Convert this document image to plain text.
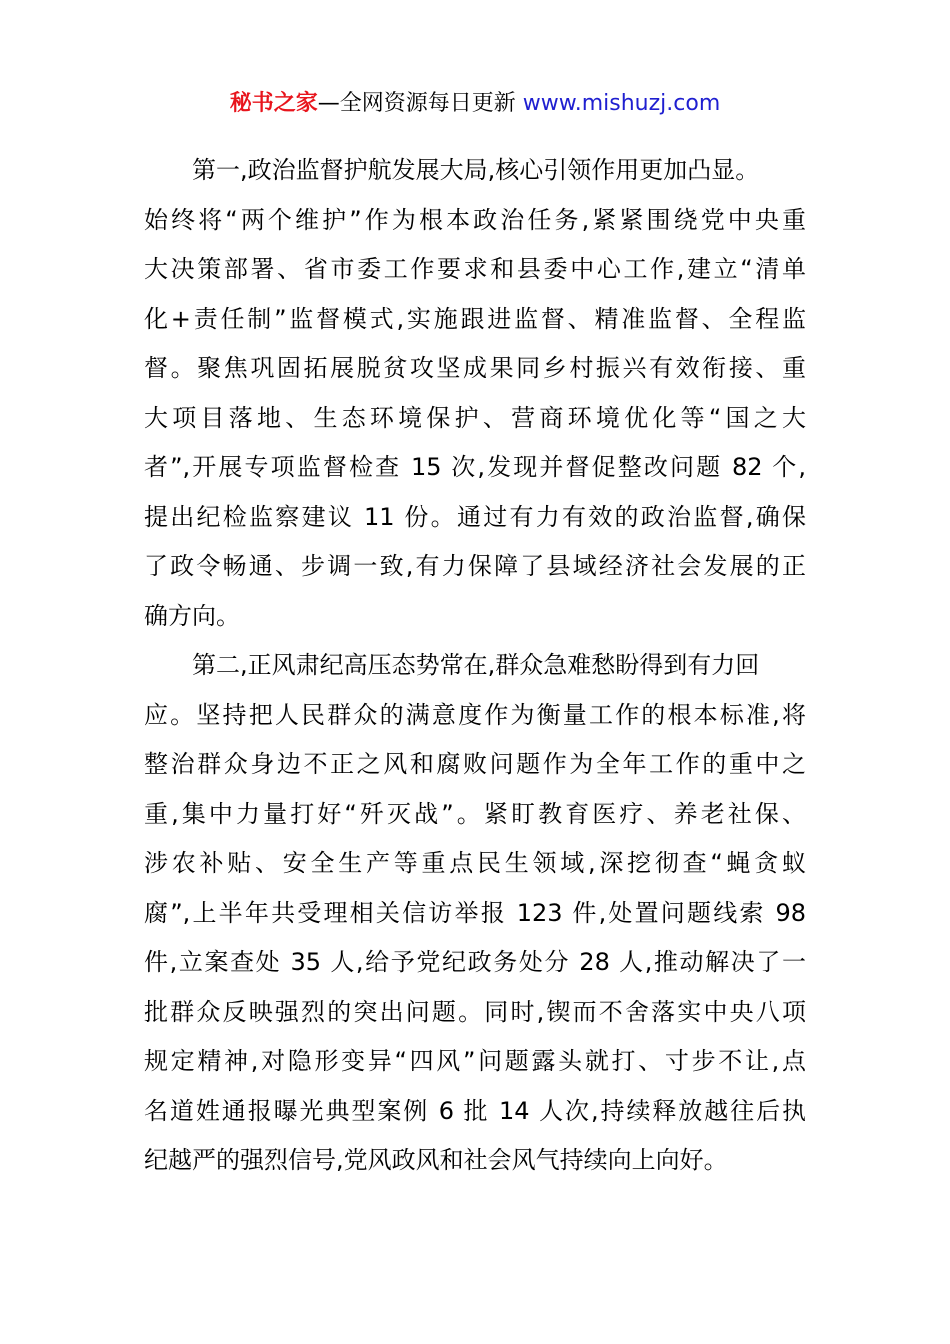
秘书之家—全网资源每日更新 www.mishuzj.com
第一,政治监督护航发展大局,核心引领作用更加凸显。
始终将“两个维护”作为根本政治任务,紧紧围绕党中央重
大决策部署、省市委工作要求和县委中心工作,建立“清单
化+责任制”监督模式,实施跟进监督、精准监督、全程监
督。聚焦巩固拓展脱贫攻坚成果同乡村振兴有效衔接、重
大项目落地、生态环境保护、营商环境优化等“国之大
者”,开展专项监督检查 15 次,发现并督促整改问题 82 个,
提出纪检监察建议 11 份。通过有力有效的政治监督,确保
了政令畅通、步调一致,有力保障了县域经济社会发展的正
确方向。
第二,正风肃纪高压态势常在,群众急难愁盼得到有力回
应。坚持把人民群众的满意度作为衡量工作的根本标准,将
整治群众身边不正之风和腐败问题作为全年工作的重中之
重,集中力量打好“歼灭战”。紧盯教育医疗、养老社保、
涉农补贴、安全生产等重点民生领域,深挖彻查“蝇贪蚁
腐”,上半年共受理相关信访举报 123 件,处置问题线索 98
件,立案查处 35 人,给予党纪政务处分 28 人,推动解决了一
批群众反映强烈的突出问题。同时,锲而不舍落实中央八项
规定精神,对隐形变异“四风”问题露头就打、寸步不让,点
名道姓通报曝光典型案例 6 批 14 人次,持续释放越往后执
纪越严的强烈信号,党风政风和社会风气持续向上向好。
